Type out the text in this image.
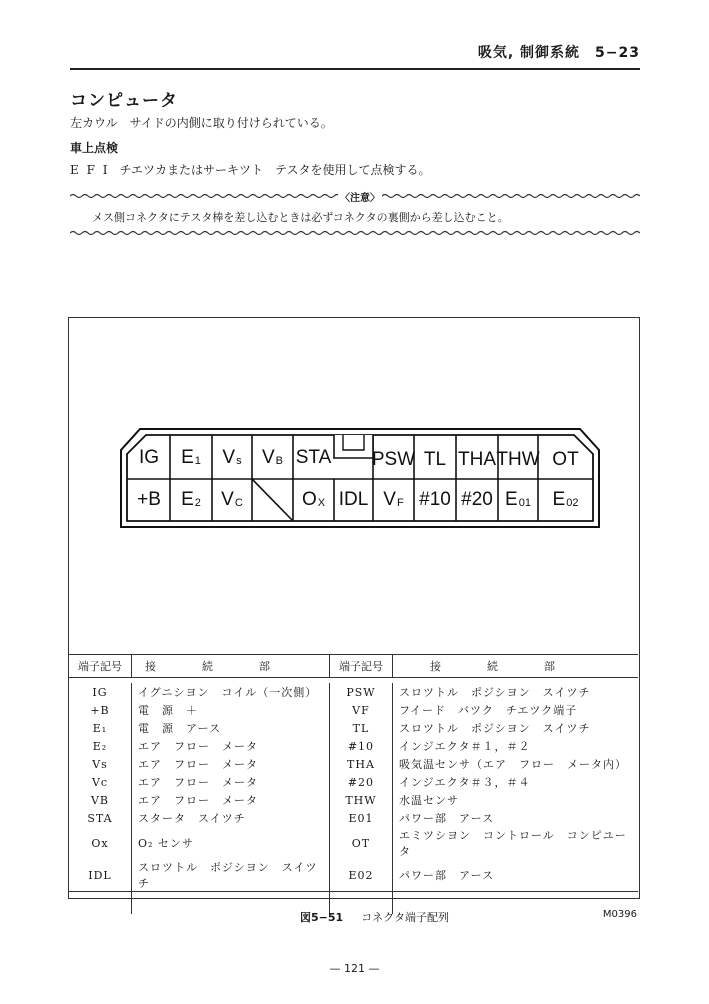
吸気, 制御系統　5−23
コンピュータ
左カウル　サイドの内側に取り付けられている。
車上点検
E F I　チエツカまたはサーキツト　テスタを使用して点検する。
〈注意〉
メス側コネクタにテスタ棒を差し込むときは必ずコネクタの裏側から差し込むこと。
IG E 1 V s V B STA PSW TL THA THW OT
+B E 2 V C	O X IDL V F #10 #20 E 01 E 02
端子記号	接続部	端子記号	接続部

IG	イグニシヨン　コイル（一次側）	PSW	スロツトル　ポジシヨン　スイツチ
+B	電　源　＋	VF	フイード　バツク　チエツク端子
E₁	電　源　アース	TL	スロツトル　ポジシヨン　スイツチ
E₂	エア　フロー　メータ	#10	インジエクタ＃１，＃２
Vs	エア　フロー　メータ	THA	吸気温センサ（エア　フロー　メータ内）
Vc	エア　フロー　メータ	#20	インジエクタ＃３，＃４
VB	エア　フロー　メータ	THW	水温センサ
STA	スタータ　スイツチ	E01	パワー部　アース
Ox	O₂ センサ	OT	エミツシヨン　コントロール　コンピユータ
IDL	スロツトル　ポジシヨン　スイツチ	E02	パワー部　アース

図5−51 コネクタ端子配列	M0396
— 121 —
